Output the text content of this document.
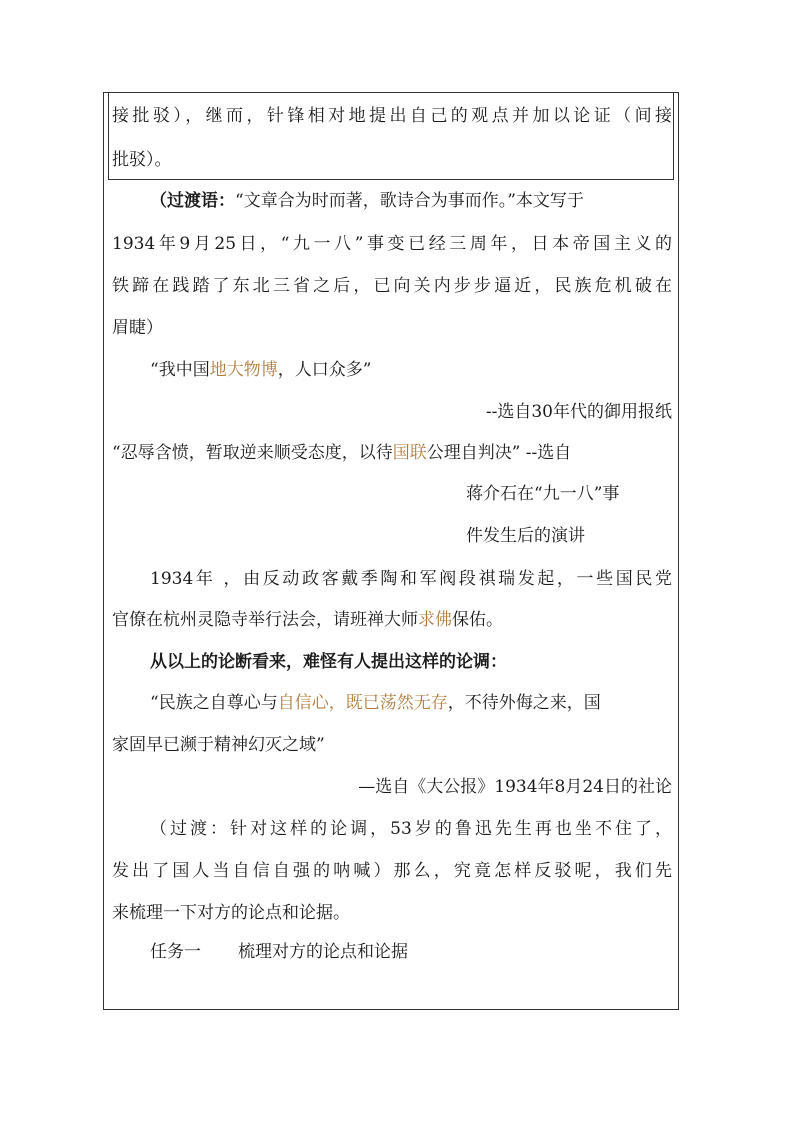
接批驳），继而，针锋相对地提出自己的观点并加以论证（间接
批驳）。
（过渡语：“文章合为时而著，歌诗合为事而作。”本文写于
1934年9月25日，“九一八”事变已经三周年，日本帝国主义的
铁蹄在践踏了东北三省之后，已向关内步步逼近，民族危机破在
眉睫）
“我中国地大物博，人口众多”
--选自30年代的御用报纸
“忍辱含愤，暂取逆来顺受态度，以待国联公理自判决” --选自
蒋介石在“九一八”事
件发生后的演讲
1934年 ，由反动政客戴季陶和军阀段祺瑞发起，一些国民党
官僚在杭州灵隐寺举行法会，请班禅大师求佛保佑。
从以上的论断看来，难怪有人提出这样的论调：
“民族之自尊心与自信心，既已荡然无存，不待外侮之来，国
家固早已濒于精神幻灭之域”
—选自《大公报》1934年8月24日的社论
（过渡：针对这样的论调，53岁的鲁迅先生再也坐不住了，
发出了国人当自信自强的呐喊）那么，究竟怎样反驳呢，我们先
来梳理一下对方的论点和论据。
任务一 梳理对方的论点和论据
